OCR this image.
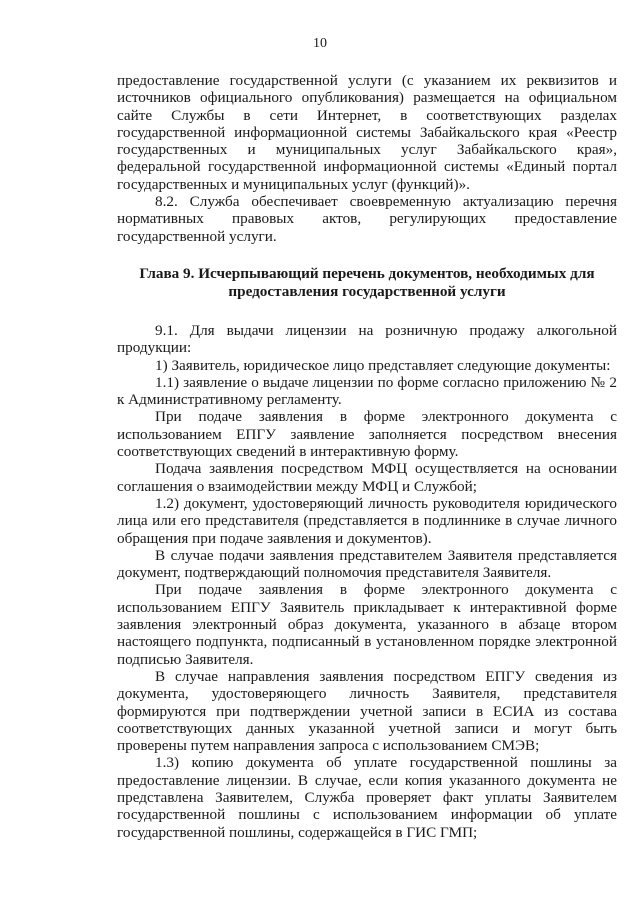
10

предоставление государственной услуги (с указанием их реквизитов и источников официального опубликования) размещается на официальном сайте Службы в сети Интернет, в соответствующих разделах государственной информационной системы Забайкальского края «Реестр государственных и муниципальных услуг Забайкальского края», федеральной государственной информационной системы «Единый портал государственных и муниципальных услуг (функций)».

8.2. Служба обеспечивает своевременную актуализацию перечня нормативных правовых актов, регулирующих предоставление государственной услуги.

Глава 9. Исчерпывающий перечень документов, необходимых для предоставления государственной услуги

9.1. Для выдачи лицензии на розничную продажу алкогольной продукции:

1) Заявитель, юридическое лицо представляет следующие документы:

1.1) заявление о выдаче лицензии по форме согласно приложению № 2 к Административному регламенту.

При подаче заявления в форме электронного документа с использованием ЕПГУ заявление заполняется посредством внесения соответствующих сведений в интерактивную форму.

Подача заявления посредством МФЦ осуществляется на основании соглашения о взаимодействии между МФЦ и Службой;

1.2) документ, удостоверяющий личность руководителя юридического лица или его представителя (представляется в подлиннике в случае личного обращения при подаче заявления и документов).

В случае подачи заявления представителем Заявителя представляется документ, подтверждающий полномочия представителя Заявителя.

При подаче заявления в форме электронного документа с использованием ЕПГУ Заявитель прикладывает к интерактивной форме заявления электронный образ документа, указанного в абзаце втором настоящего подпункта, подписанный в установленном порядке электронной подписью Заявителя.

В случае направления заявления посредством ЕПГУ сведения из документа, удостоверяющего личность Заявителя, представителя формируются при подтверждении учетной записи в ЕСИА из состава соответствующих данных указанной учетной записи и могут быть проверены путем направления запроса с использованием СМЭВ;

1.3) копию документа об уплате государственной пошлины за предоставление лицензии. В случае, если копия указанного документа не представлена Заявителем, Служба проверяет факт уплаты Заявителем государственной пошлины с использованием информации об уплате государственной пошлины, содержащейся в ГИС ГМП;
